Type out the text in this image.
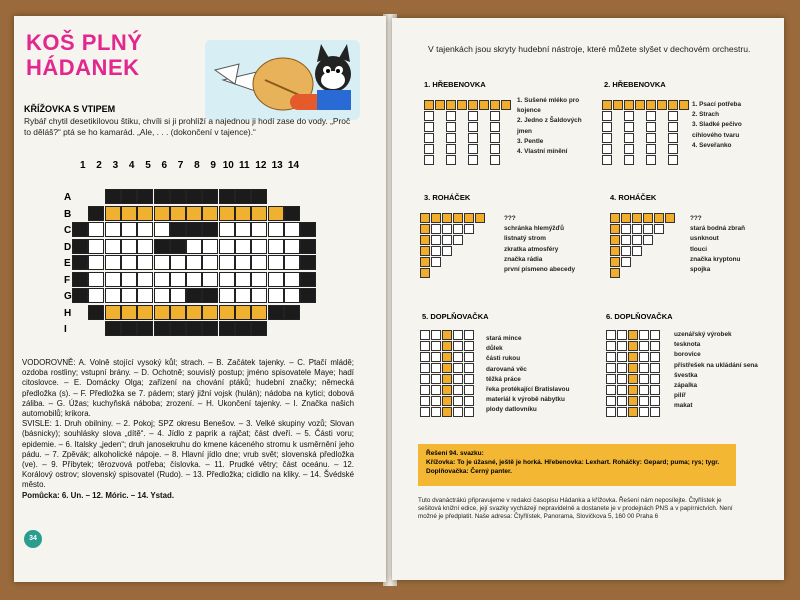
KOŠ PLNÝ
HÁDANEK
KŘÍŽOVKA S VTIPEM
Rybář chytil desetikilovou štiku, chvíli si ji prohlíží a najednou ji hodí zase do vody. „Proč to děláš?“ ptá se ho kamarád. „Ale, . . . (dokončení v tajence).“
1 2 3 4 5 6 7 8 9 10 11 12 13 14
A
B
C
D
E
F
G
H
I
VODOROVNĚ: A. Volně stojící vysoký kůl; strach. – B. Začátek tajenky. – C. Ptačí mládě; ozdoba rostliny; vstupní brány. – D. Ochotně; souvislý postup; jméno spisovatele Maye; hadí citoslovce. – E. Domácky Olga; zařízení na chování ptáků; hudební značky; německá předložka (s). – F. Předložka se 7. pádem; starý jižní vojsk (hulán); nádoba na kytici; dobová záliba. – G. Úžas; kuchyňská náboba; zrození. – H. Ukončení tajenky. – I. Značka našich automobilů; krikora.
SVISLE: 1. Druh obilniny. – 2. Pokoj; SPZ okresu Benešov. – 3. Velké skupiny vozů; Slovan (básnicky); souhlásky slova „dítě“. – 4. Jídlo z paprik a rajčat; část dveří. – 5. Části voru; epidemie. – 6. Italsky „jeden“; druh janosekruhu do kmene káceného stromu k usměrnění jeho pádu. – 7. Zpěvák; alkoholické nápoje. – 8. Hlavní jídlo dne; vrub svět; slovenská předložka (ve). – 9. Příbytek; těrozvová potřeba; číslovka. – 11. Prudké větry; část oceánu. – 12. Korálový ostrov; slovenský spisovatel (Rudo). – 13. Předložka; cídidlo na kliky. – 14. Švédské město.
Pomůcka: 6. Un. – 12. Móric. – 14. Ystad.
34
V tajenkách jsou skryty hudební nástroje, které můžete slyšet v dechovém orchestru.
1. HŘEBENOVKA
1. Sušené mléko pro kojence
2. Jedno z Šaldových jmen
3. Pentle
4. Vlastní mínění
2. HŘEBENOVKA
1. Psací potřeba
2. Strach
3. Sladké pečivo cihlového tvaru
4. Seveřanko
3. ROHÁČEK
???
schránka hlemýžďů
listnatý strom
zkratka atmosféry
značka rádia
první písmeno abecedy
4. ROHÁČEK
???
stará bodná zbraň
usnknout
tlouci
značka kryptonu
spojka
5. DOPLŇOVAČKA
stará mince
důlek
části rukou
darovaná věc
těžká práce
řeka protékající Bratislavou
materiál k výrobě nábytku
plody datlovníku
6. DOPLŇOVAČKA
uzenářský výrobek
tesknota
borovice
přístřešek na ukládání sena
švestka
zápalka
pilíř
makat
Řešení 94. svazku:
Křížovka: To je úžasné, ještě je horká. Hřebenovka: Lexhart. Roháčky: Gepard; puma; rys; tygr. Doplňovačka: Černý panter.
Tuto dvanáctrákú připravujeme v redakci časopisu Hádanka a křížovka. Řešení nám neposílejte. Čtyřlístek je sešitová knižní edice, její svazky vycházejí nepravidelně a dostanete je v prodejnách PNS a v papírnictvích. Není možné je předplatit. Naše adresa: Čtyřlístek, Panorama, Slovičkova 5, 160 00 Praha 6
